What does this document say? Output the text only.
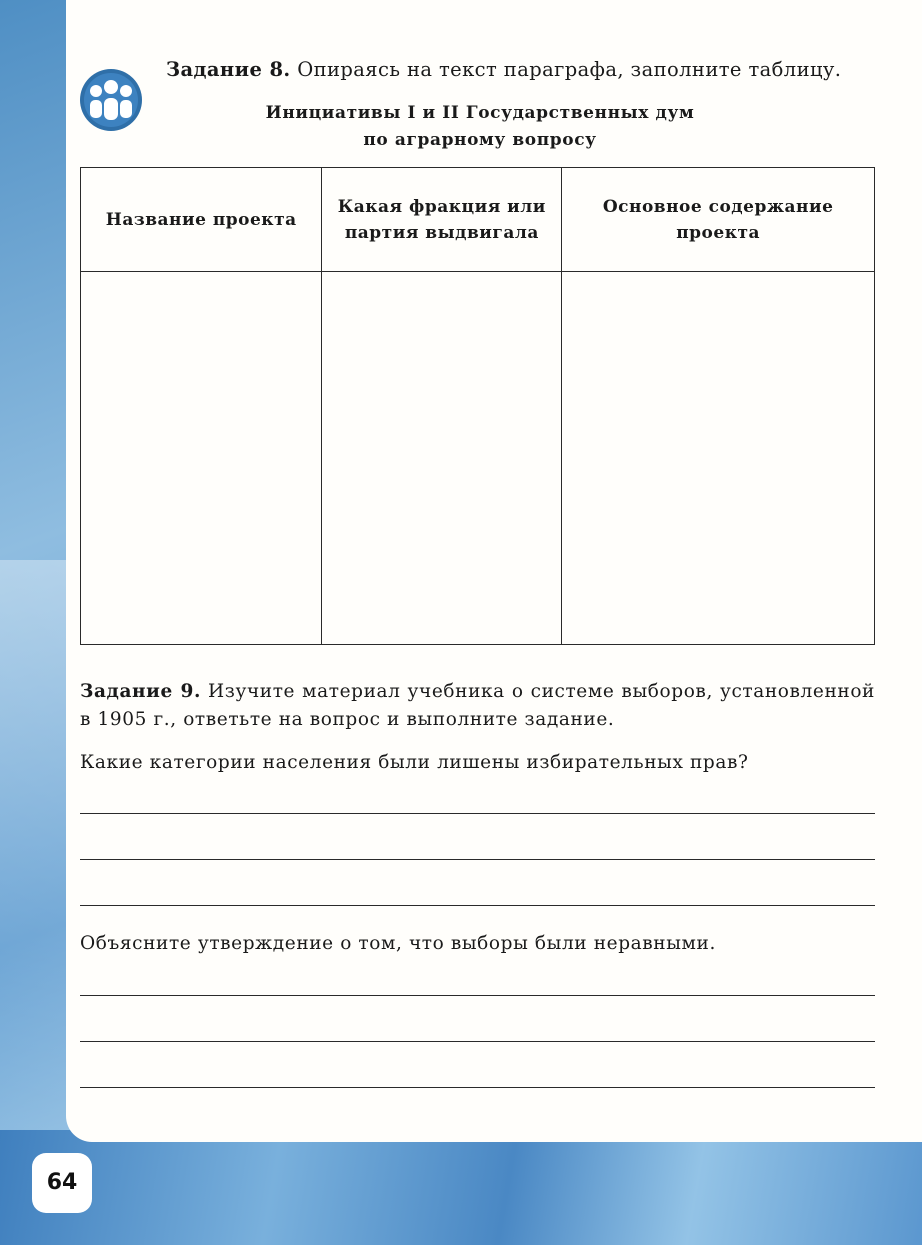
Задание 8. Опираясь на текст параграфа, заполните таблицу.
Инициативы I и II Государственных дум
по аграрному вопросу
Название проекта	Какая фракция или партия выдвигала	Основное содержание проекта

Задание 9. Изучите материал учебника о системе выборов, установленной в 1905 г., ответьте на вопрос и выполните задание.
Какие категории населения были лишены избирательных прав?
Объясните утверждение о том, что выборы были неравными.
64
